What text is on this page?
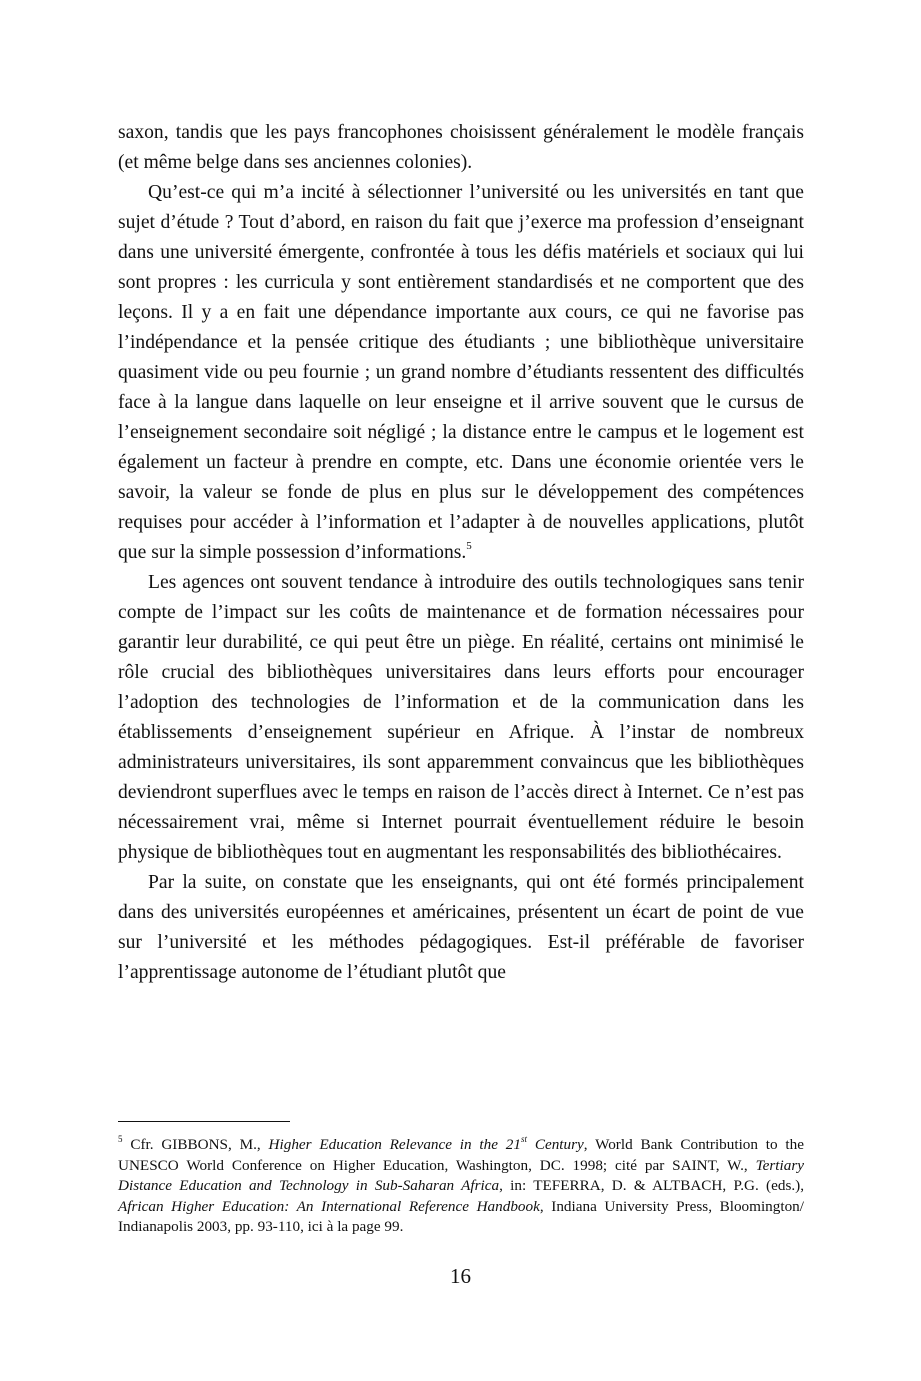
saxon, tandis que les pays francophones choisissent généralement le modèle français (et même belge dans ses anciennes colonies).

Qu’est-ce qui m’a incité à sélectionner l’université ou les universités en tant que sujet d’étude ? Tout d’abord, en raison du fait que j’exerce ma profession d’enseignant dans une université émergente, confrontée à tous les défis matériels et sociaux qui lui sont propres : les curricula y sont entièrement standardisés et ne comportent que des leçons. Il y a en fait une dépendance importante aux cours, ce qui ne favorise pas l’indépendance et la pensée critique des étudiants ; une bibliothèque universitaire quasiment vide ou peu fournie ; un grand nombre d’étudiants ressentent des difficultés face à la langue dans laquelle on leur enseigne et il arrive souvent que le cursus de l’enseignement secondaire soit négligé ; la distance entre le campus et le logement est également un facteur à prendre en compte, etc. Dans une économie orientée vers le savoir, la valeur se fonde de plus en plus sur le développement des compétences requises pour accéder à l’information et l’adapter à de nouvelles applications, plutôt que sur la simple possession d’informations.$^5$

Les agences ont souvent tendance à introduire des outils technologiques sans tenir compte de l’impact sur les coûts de maintenance et de formation nécessaires pour garantir leur durabilité, ce qui peut être un piège. En réalité, certains ont minimisé le rôle crucial des bibliothèques universitaires dans leurs efforts pour encourager l’adoption des technologies de l’information et de la communication dans les établissements d’enseignement supérieur en Afrique. À l’instar de nombreux administrateurs universitaires, ils sont apparemment convaincus que les bibliothèques deviendront superflues avec le temps en raison de l’accès direct à Internet. Ce n’est pas nécessairement vrai, même si Internet pourrait éventuellement réduire le besoin physique de bibliothèques tout en augmentant les responsabilités des bibliothécaires.

Par la suite, on constate que les enseignants, qui ont été formés principalement dans des universités européennes et américaines, présentent un écart de point de vue sur l’université et les méthodes pédagogiques. Est-il préférable de favoriser l’apprentissage autonome de l’étudiant plutôt que

$^5$ Cfr. GIBBONS, M., Higher Education Relevance in the 21st Century, World Bank Contribution to the UNESCO World Conference on Higher Education, Washington, DC. 1998; cité par SAINT, W., Tertiary Distance Education and Technology in Sub-Saharan Africa, in: TEFERRA, D. & ALTBACH, P.G. (eds.), African Higher Education: An International Reference Handbook, Indiana University Press, Bloomington/ Indianapolis 2003, pp. 93-110, ici à la page 99.

16
